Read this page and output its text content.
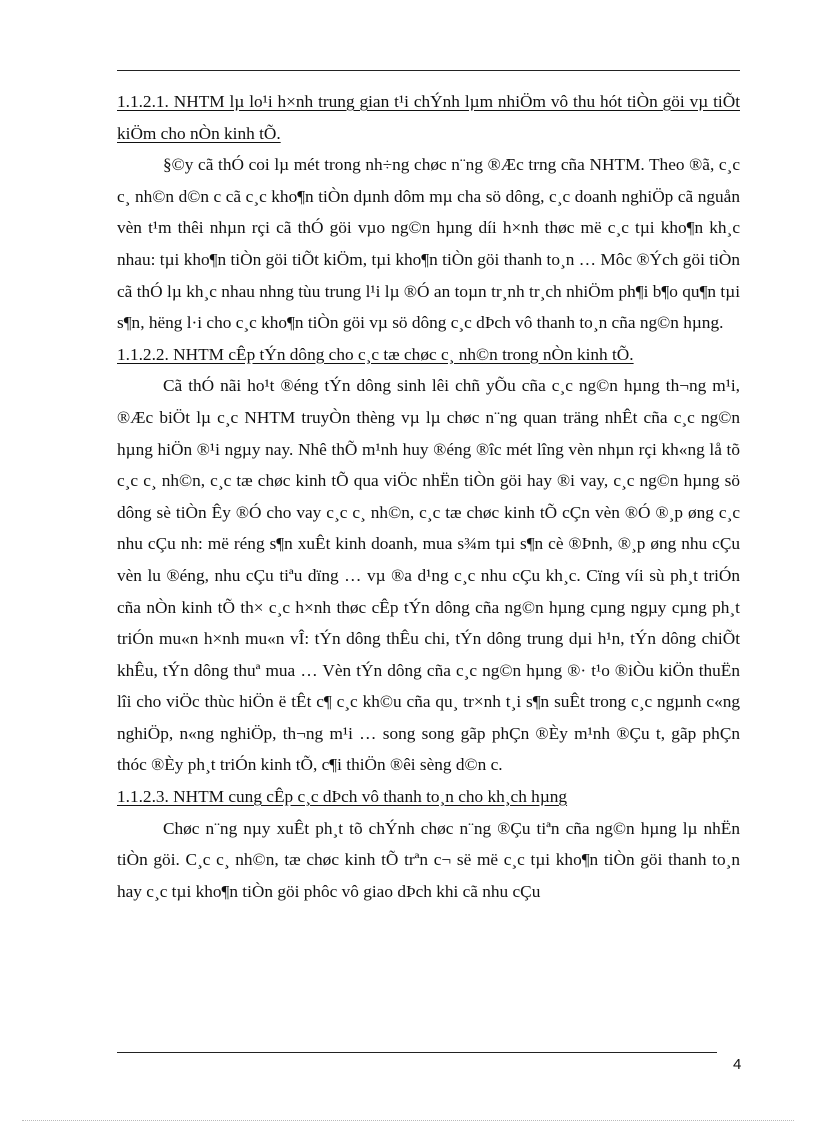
1.1.2.1. NHTM lµ lo¹i h×nh trung gian t¹i chÝnh lµm nhiÖm vô thu hót tiÒn göi vµ tiÕt kiÖm cho nÒn kinh tÕ.

§©y cã thÓ coi lµ mét trong nh÷ng chøc n¨ng ®Æc trng cña NHTM. Theo ®ã, c¸c c¸ nh©n d©n c cã c¸c kho¶n tiÒn dµnh dôm mµ cha sö dông, c¸c doanh nghiÖp cã nguån vèn t¹m thêi nhµn rçi cã thÓ göi vµo ng©n hµng díi h×nh thøc më c¸c tµi kho¶n kh¸c nhau: tµi kho¶n tiÒn göi tiÕt kiÖm, tµi kho¶n tiÒn göi thanh to¸n … Môc ®Ých göi tiÒn cã thÓ lµ kh¸c nhau nhng tùu trung l¹i lµ ®Ó an toµn tr¸nh tr¸ch nhiÖm ph¶i b¶o qu¶n tµi s¶n, hëng l·i cho c¸c kho¶n tiÒn göi vµ sö dông c¸c dÞch vô thanh to¸n cña ng©n hµng.

1.1.2.2. NHTM cÊp tÝn dông cho c¸c tæ chøc c¸ nh©n trong nÒn kinh tÕ.

Cã thÓ nãi ho¹t ®éng tÝn dông sinh lêi chñ yÕu cña c¸c ng©n hµng th¬ng m¹i, ®Æc biÖt lµ c¸c NHTM truyÒn thèng vµ lµ chøc n¨ng quan träng nhÊt cña c¸c ng©n hµng hiÖn ®¹i ngµy nay. Nhê thÕ m¹nh huy ®éng ®îc mét lîng vèn nhµn rçi kh«ng lå tõ c¸c c¸ nh©n, c¸c tæ chøc kinh tÕ qua viÖc nhËn tiÒn göi hay ®i vay, c¸c ng©n hµng sö dông sè tiÒn Êy ®Ó cho vay c¸c c¸ nh©n, c¸c tæ chøc kinh tÕ cÇn vèn ®Ó ®¸p øng c¸c nhu cÇu nh: më réng s¶n xuÊt kinh doanh, mua s¾m tµi s¶n cè ®Þnh, ®¸p øng nhu cÇu vèn lu ®éng, nhu cÇu tiªu dïng … vµ ®a d¹ng c¸c nhu cÇu kh¸c. Cïng víi sù ph¸t triÓn cña nÒn kinh tÕ th× c¸c h×nh thøc cÊp tÝn dông cña ng©n hµng cµng ngµy cµng ph¸t triÓn mu«n h×nh mu«n vÎ: tÝn dông thÊu chi, tÝn dông trung dµi h¹n, tÝn dông chiÕt khÊu, tÝn dông thuª mua … Vèn tÝn dông cña c¸c ng©n hµng ®· t¹o ®iÒu kiÖn thuËn lîi cho viÖc thùc hiÖn ë tÊt c¶ c¸c kh©u cña qu¸ tr×nh t¸i s¶n suÊt trong c¸c ngµnh c«ng nghiÖp, n«ng nghiÖp, th¬ng m¹i … song song gãp phÇn ®Èy m¹nh ®Çu t, gãp phÇn thóc ®Èy ph¸t triÓn kinh tÕ, c¶i thiÖn ®êi sèng d©n c.

1.1.2.3. NHTM cung cÊp c¸c dÞch vô thanh to¸n cho kh¸ch hµng

Chøc n¨ng nµy xuÊt ph¸t tõ chÝnh chøc n¨ng ®Çu tiªn cña ng©n hµng lµ nhËn tiÒn göi. C¸c c¸ nh©n, tæ chøc kinh tÕ trªn c¬ së më c¸c tµi kho¶n tiÒn göi thanh to¸n hay c¸c tµi kho¶n tiÒn göi phôc vô giao dÞch khi cã nhu cÇu

4
